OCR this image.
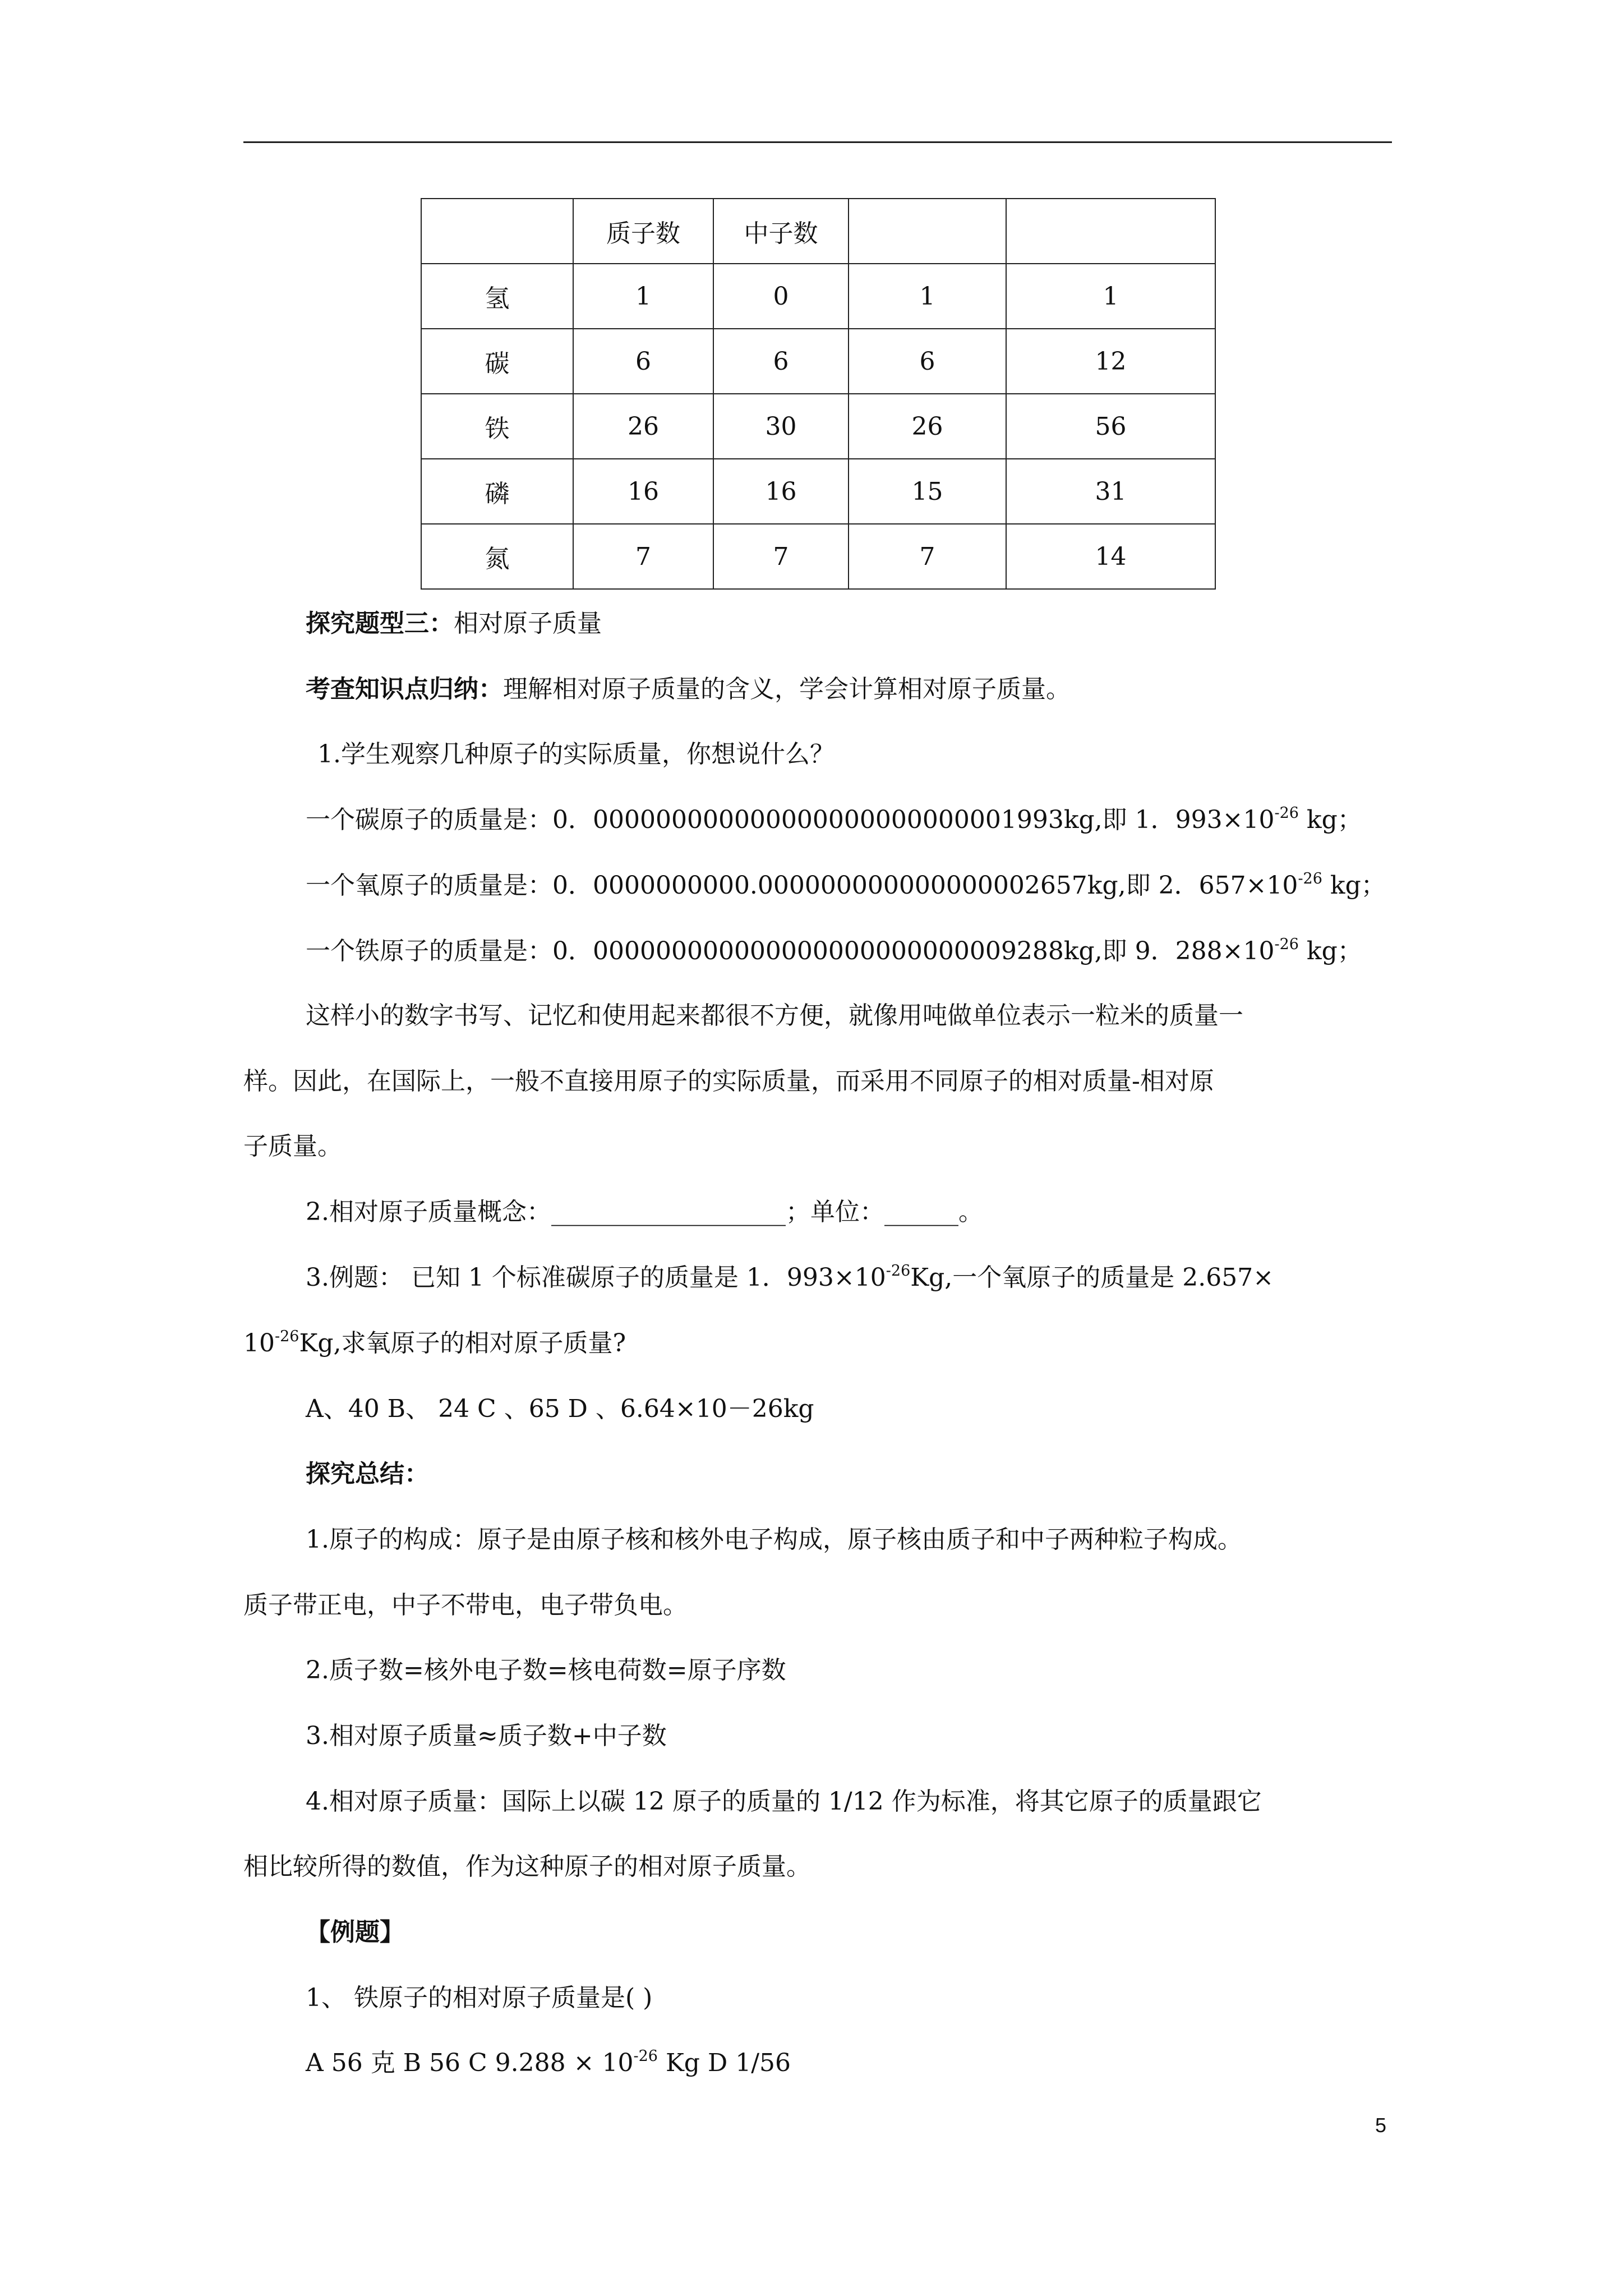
	质子数	中子数		
氢	1	0	1	1
碳	6	6	6	12
铁	26	30	26	56
磷	16	16	15	31
氮	7	7	7	14
探究题型三：相对原子质量
考查知识点归纳：理解相对原子质量的含义，学会计算相对原子质量。
1.学生观察几种原子的实际质量，你想说什么？
一个碳原子的质量是：0．000000000000000000000000001993kg,即 1．$993\times 10^{-26}$ kg；
一个氧原子的质量是：0．0000000000.000000000000000002657kg,即 2．$657\times 10^{-26}$ kg；
一个铁原子的质量是：0．000000000000000000000000009288kg,即 9．$288\times 10^{-26}$ kg；
这样小的数字书写、记忆和使用起来都很不方便，就像用吨做单位表示一粒米的质量一
样。因此，在国际上，一般不直接用原子的实际质量，而采用不同原子的相对质量-相对原
子质量。
2.相对原子质量概念：___________________；单位：______。
3.例题： 已知 1 个标准碳原子的质量是 1．$993\times 10^{-26}Kg$,一个氧原子的质量是 2.657×
$10^{-26}Kg$,求氧原子的相对原子质量?
A、40 B、 24 C 、65 D 、6.64×10－26kg
探究总结：
1.原子的构成：原子是由原子核和核外电子构成，原子核由质子和中子两种粒子构成。
质子带正电，中子不带电，电子带负电。
2.质子数=核外电子数=核电荷数=原子序数
3.相对原子质量≈质子数+中子数
4.相对原子质量：国际上以碳 12 原子的质量的 1/12 作为标准，将其它原子的质量跟它
相比较所得的数值，作为这种原子的相对原子质量。
【例题】
1、 铁原子的相对原子质量是( )
A 56 克 B 56 C $9.288 \times 10^{-26}$ Kg D 1/56
5
